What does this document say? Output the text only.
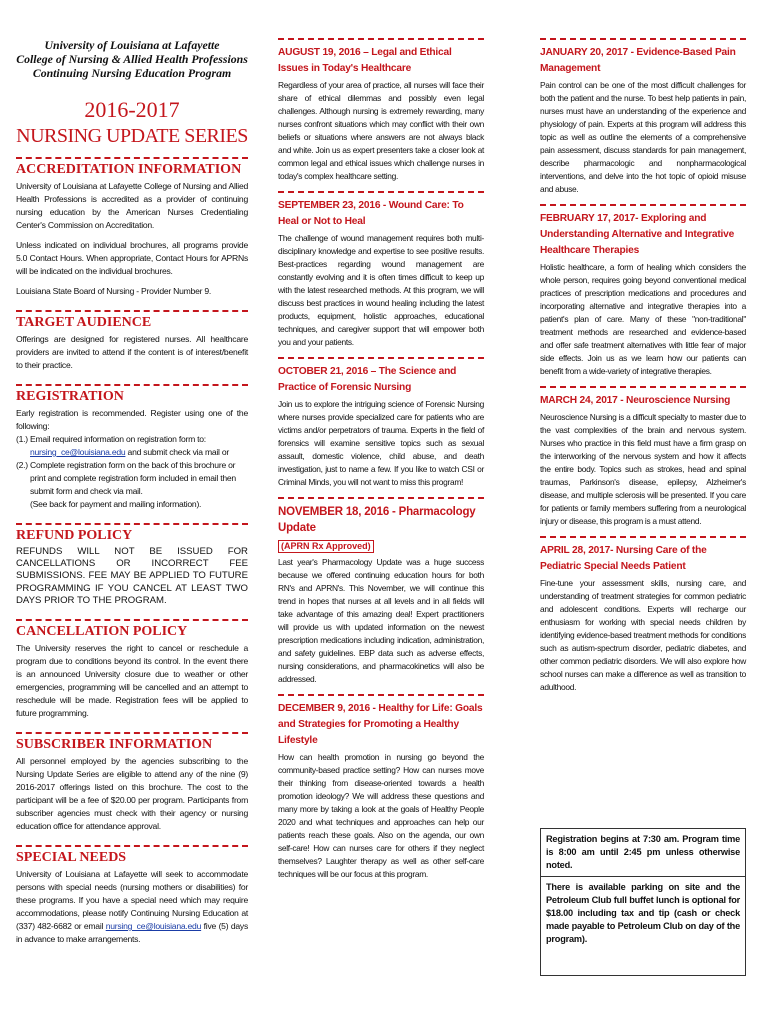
University of Louisiana at Lafayette
College of Nursing & Allied Health Professions
Continuing Nursing Education Program
2016-2017
NURSING UPDATE SERIES
ACCREDITATION INFORMATION

University of Louisiana at Lafayette College of Nursing and Allied Health Professions is accredited as a provider of continuing nursing education by the American Nurses Credentialing Center's Commission on Accreditation.

Unless indicated on individual brochures, all programs provide 5.0 Contact Hours. When appropriate, Contact Hours for APRNs will be indicated on the individual brochures.

Louisiana State Board of Nursing - Provider Number 9.

TARGET AUDIENCE

Offerings are designed for registered nurses. All healthcare providers are invited to attend if the content is of interest/benefit to their practice.

REGISTRATION
Early registration is recommended. Register using one of the following:
(1.) Email required information on registration form to:
nursing_ce@louisiana.edu and submit check via mail or
(2.) Complete registration form on the back of this brochure or
print and complete registration form included in email then
submit form and check via mail.
(See back for payment and mailing information).
REFUND POLICY

REFUNDS WILL NOT BE ISSUED FOR CANCELLATIONS OR INCORRECT FEE SUBMISSIONS. FEE MAY BE APPLIED TO FUTURE PROGRAMMING IF YOU CANCEL AT LEAST TWO DAYS PRIOR TO THE PROGRAM.

CANCELLATION POLICY

The University reserves the right to cancel or reschedule a program due to conditions beyond its control. In the event there is an announced University closure due to weather or other emergencies, programming will be cancelled and an attempt to reschedule will be made. Registration fees will be applied to future programming.

SUBSCRIBER INFORMATION

All personnel employed by the agencies subscribing to the Nursing Update Series are eligible to attend any of the nine (9) 2016-2017 offerings listed on this brochure. The cost to the participant will be a fee of $20.00 per program. Participants from subscriber agencies must check with their agency or nursing education office for attendance approval.

SPECIAL NEEDS

University of Louisiana at Lafayette will seek to accommodate persons with special needs (nursing mothers or disabilities) for these programs. If you have a special need which may require accommodations, please notify Continuing Nursing Education at (337) 482-6682 or email nursing_ce@louisiana.edu five (5) days in advance to make arrangements.

AUGUST 19, 2016 – Legal and Ethical Issues in Today's Healthcare
Regardless of your area of practice, all nurses will face their share of ethical dilemmas and possibly even legal challenges. Although nursing is extremely rewarding, many nurses confront situations which may conflict with their own beliefs or situations where answers are not always black and white. Join us as expert presenters take a closer look at common legal and ethical issues which challenge nurses in today's complex healthcare setting.
SEPTEMBER 23, 2016 - Wound Care: To Heal or Not to Heal
The challenge of wound management requires both multi-disciplinary knowledge and expertise to see positive results. Best-practices regarding wound management are constantly evolving and it is often times difficult to keep up with the latest researched methods. At this program, we will discuss best practices in wound healing including the latest products, equipment, holistic approaches, educational techniques, and caregiver support that will empower both you and your patients.
OCTOBER 21, 2016 – The Science and Practice of Forensic Nursing
Join us to explore the intriguing science of Forensic Nursing where nurses provide specialized care for patients who are victims and/or perpetrators of trauma. Experts in the field of forensics will examine sensitive topics such as sexual assault, domestic violence, child abuse, and death investigation, just to name a few. If you like to watch CSI or Criminal Minds, you will not want to miss this program!
NOVEMBER 18, 2016 - Pharmacology Update
(APRN Rx Approved)
Last year's Pharmacology Update was a huge success because we offered continuing education hours for both RN's and APRN's. This November, we will continue this trend in hopes that nurses at all levels and in all fields will take advantage of this amazing deal! Expert practitioners will provide us with updated information on the newest prescription medications including indication, administration, and safety guidelines. EBP data such as adverse effects, nursing considerations, and pharmacokinetics will also be addressed.
DECEMBER 9, 2016 - Healthy for Life: Goals and Strategies for Promoting a Healthy Lifestyle
How can health promotion in nursing go beyond the community-based practice setting? How can nurses move their thinking from disease-oriented towards a health promotion ideology? We will address these questions and many more by taking a look at the goals of Healthy People 2020 and what techniques and approaches can help our patients reach these goals. Also on the agenda, our own self-care! How can nurses care for others if they neglect themselves? Laughter therapy as well as other self-care techniques will be our focus at this program.
JANUARY 20, 2017 - Evidence-Based Pain Management
Pain control can be one of the most difficult challenges for both the patient and the nurse. To best help patients in pain, nurses must have an understanding of the experience and physiology of pain. Experts at this program will address this topic as well as outline the elements of a comprehensive pain assessment, discuss standards for pain management, describe pharmacologic and nonpharmacological interventions, and delve into the hot topic of opioid misuse and abuse.
FEBRUARY 17, 2017- Exploring and Understanding Alternative and Integrative Healthcare Therapies
Holistic healthcare, a form of healing which considers the whole person, requires going beyond conventional medical practices of prescription medications and procedures and incorporating alternative and integrative therapies into a patient's plan of care. Many of these "non-traditional" treatment methods are researched and evidence-based and offer safe treatment alternatives with little fear of major side effects. Join us as we learn how our patients can benefit from a wide-variety of integrative therapies.
MARCH 24, 2017 - Neuroscience Nursing
Neuroscience Nursing is a difficult specialty to master due to the vast complexities of the brain and nervous system. Nurses who practice in this field must have a firm grasp on the interworking of the nervous system and how it affects the entire body. Topics such as strokes, head and spinal traumas, Parkinson's disease, epilepsy, Alzheimer's disease, and multiple sclerosis will be presented. If you care for patients or family members suffering from a neurological injury or disease, this program is a must attend.
APRIL 28, 2017- Nursing Care of the Pediatric Special Needs Patient
Fine-tune your assessment skills, nursing care, and understanding of treatment strategies for common pediatric and adolescent conditions. Experts will recharge our enthusiasm for working with special needs children by identifying evidence-based treatment methods for conditions such as autism-spectrum disorder, pediatric diabetes, and other common pediatric disorders. We will also explore how school nurses can make a difference as well as transition to adulthood.

Registration begins at 7:30 am. Program time is 8:00 am until 2:45 pm unless otherwise noted.

There is available parking on site and the Petroleum Club full buffet lunch is optional for $18.00 including tax and tip (cash or check made payable to Petroleum Club on day of the program).
